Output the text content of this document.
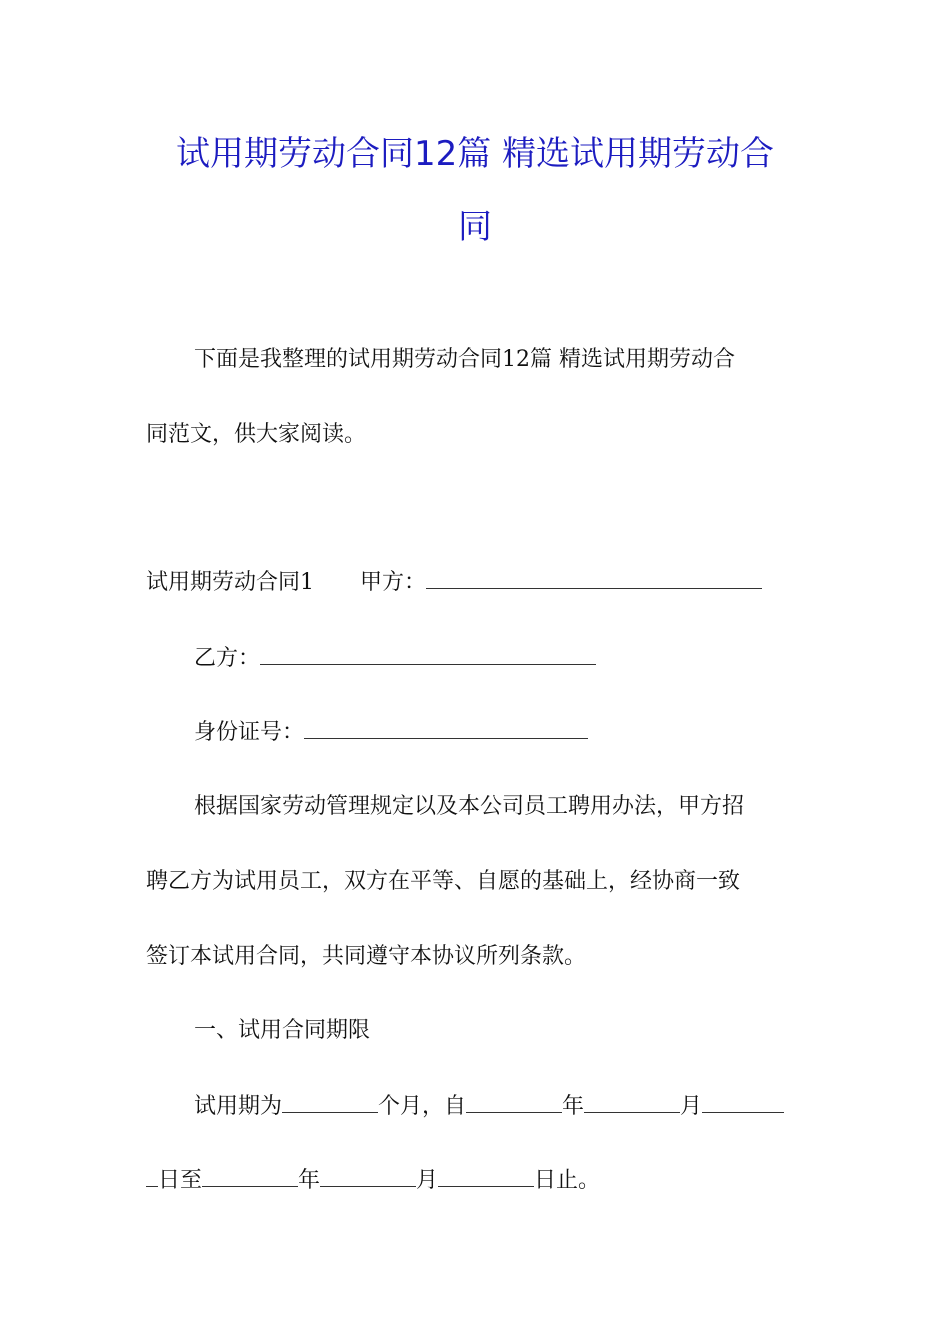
试用期劳动合同12篇 精选试用期劳动合
同
下面是我整理的试用期劳动合同12篇 精选试用期劳动合
同范文，供大家阅读。
试用期劳动合同1 甲方：
乙方：
身份证号：
根据国家劳动管理规定以及本公司员工聘用办法，甲方招
聘乙方为试用员工，双方在平等、自愿的基础上，经协商一致
签订本试用合同，共同遵守本协议所列条款。
一、试用合同期限
试用期为	个月，自	年	月
日至	年	月	日止。
